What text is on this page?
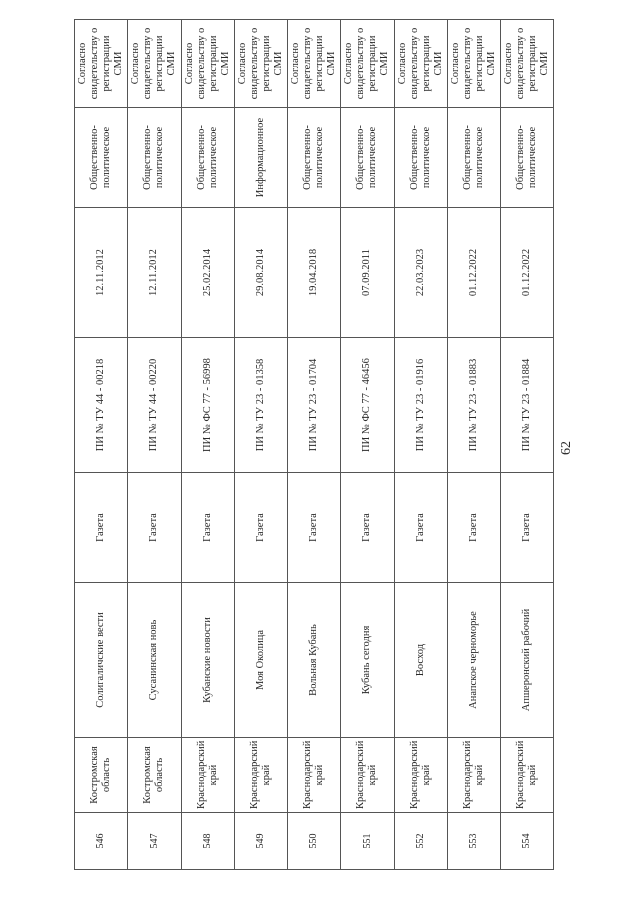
62
546	Костромская область	Солигаличские вести	Газета	ПИ № ТУ 44 - 00218	12.11.2012	Общественно-политическое	Согласно свидетельству о регистрации СМИ
547	Костромская область	Сусанинская новь	Газета	ПИ № ТУ 44 - 00220	12.11.2012	Общественно-политическое	Согласно свидетельству о регистрации СМИ
548	Краснодарский край	Кубанские новости	Газета	ПИ № ФС 77 - 56998	25.02.2014	Общественно-политическое	Согласно свидетельству о регистрации СМИ
549	Краснодарский край	Моя Околица	Газета	ПИ № ТУ 23 - 01358	29.08.2014	Информационное	Согласно свидетельству о регистрации СМИ
550	Краснодарский край	Вольная Кубань	Газета	ПИ № ТУ 23 - 01704	19.04.2018	Общественно-политическое	Согласно свидетельству о регистрации СМИ
551	Краснодарский край	Кубань сегодня	Газета	ПИ № ФС 77 - 46456	07.09.2011	Общественно-политическое	Согласно свидетельству о регистрации СМИ
552	Краснодарский край	Восход	Газета	ПИ № ТУ 23 - 01916	22.03.2023	Общественно-политическое	Согласно свидетельству о регистрации СМИ
553	Краснодарский край	Анапское черноморье	Газета	ПИ № ТУ 23 - 01883	01.12.2022	Общественно-политическое	Согласно свидетельству о регистрации СМИ
554	Краснодарский край	Апшеронский рабочий	Газета	ПИ № ТУ 23 - 01884	01.12.2022	Общественно-политическое	Согласно свидетельству о регистрации СМИ
